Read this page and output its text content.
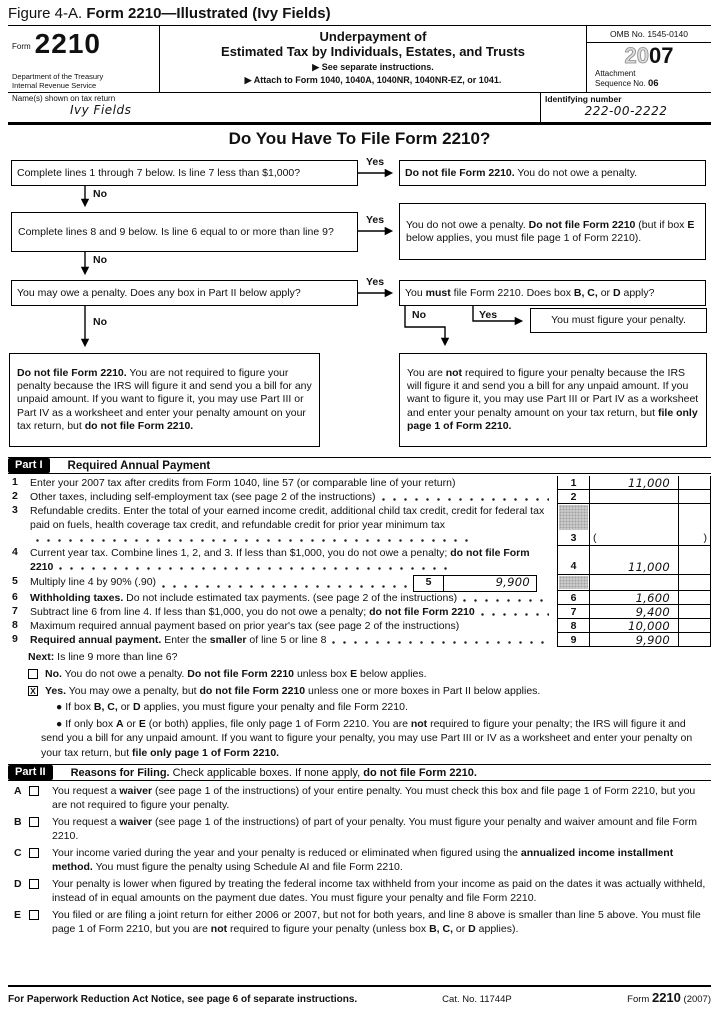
Figure 4-A. Form 2210—Illustrated (Ivy Fields)
Form 2210
Department of the Treasury
Internal Revenue Service
Underpayment of
Estimated Tax by Individuals, Estates, and Trusts
▶ See separate instructions.
▶ Attach to Form 1040, 1040A, 1040NR, 1040NR-EZ, or 1041.
OMB No. 1545-0140
2007
Attachment
Sequence No. 06
Name(s) shown on tax return
Ivy Fields
Identifying number
222-00-2222
Do You Have To File Form 2210?
Complete lines 1 through 7 below. Is line 7 less than $1,000?	Do not file Form 2210. You do not owe a penalty.
Yes
No
Complete lines 8 and 9 below. Is line 6 equal to or more than line 9?
You do not owe a penalty. Do not file Form 2210 (but if box E below applies, you must file page 1 of Form 2210).
Yes
No
You may owe a penalty. Does any box in Part II below apply?	You must file Form 2210. Does box B, C, or D apply?
Yes
No
No	Yes	You must figure your penalty.
Do not file Form 2210. You are not required to figure your penalty because the IRS will figure it and send you a bill for any unpaid amount. If you want to figure it, you may use Part III or Part IV as a worksheet and enter your penalty amount on your tax return, but do not file Form 2210.
You are not required to figure your penalty because the IRS will figure it and send you a bill for any unpaid amount. If you want to figure it, you may use Part III or Part IV as a worksheet and enter your penalty amount on your tax return, but file only page 1 of Form 2210.
Part I	Required Annual Payment
1	Enter your 2007 tax after credits from Form 1040, line 57 (or comparable line of your return)	1	11,000
2	Other taxes, including self-employment tax (see page 2 of the instructions)	2
3	Refundable credits. Enter the total of your earned income credit, additional child tax credit, credit for federal tax paid on fuels, health coverage tax credit, and refundable credit for prior year minimum tax
3	(	)
4	Current year tax. Combine lines 1, 2, and 3. If less than $1,000, you do not owe a penalty; do not file Form 2210	4	11,000
5	Multiply line 4 by 90% (.90)	5	9,900
6	Withholding taxes. Do not include estimated tax payments. (see page 2 of the instructions)	6	1,600
7	Subtract line 6 from line 4. If less than $1,000, you do not owe a penalty; do not file Form 2210	7	9,400
8	Maximum required annual payment based on prior year's tax (see page 2 of the instructions)	8	10,000
9	Required annual payment. Enter the smaller of line 5 or line 8	9	9,900
Next: Is line 9 more than line 6?
No. You do not owe a penalty. Do not file Form 2210 unless box E below applies.
X Yes. You may owe a penalty, but do not file Form 2210 unless one or more boxes in Part II below applies.
● If box B, C, or D applies, you must figure your penalty and file Form 2210.
● If only box A or E (or both) applies, file only page 1 of Form 2210. You are not required to figure your penalty; the IRS will figure it and send you a bill for any unpaid amount. If you want to figure your penalty, you may use Part III or IV as a worksheet and enter your penalty on your tax return, but file only page 1 of Form 2210.
Part II	Reasons for Filing. Check applicable boxes. If none apply, do not file Form 2210.
A	You request a waiver (see page 1 of the instructions) of your entire penalty. You must check this box and file page 1 of Form 2210, but you are not required to figure your penalty.
B	You request a waiver (see page 1 of the instructions) of part of your penalty. You must figure your penalty and waiver amount and file Form 2210.
C	Your income varied during the year and your penalty is reduced or eliminated when figured using the annualized income installment method. You must figure the penalty using Schedule AI and file Form 2210.
D	Your penalty is lower when figured by treating the federal income tax withheld from your income as paid on the dates it was actually withheld, instead of in equal amounts on the payment due dates. You must figure your penalty and file Form 2210.
E	You filed or are filing a joint return for either 2006 or 2007, but not for both years, and line 8 above is smaller than line 5 above. You must file page 1 of Form 2210, but you are not required to figure your penalty (unless box B, C, or D applies).
For Paperwork Reduction Act Notice, see page 6 of separate instructions.	Cat. No. 11744P	Form 2210 (2007)
